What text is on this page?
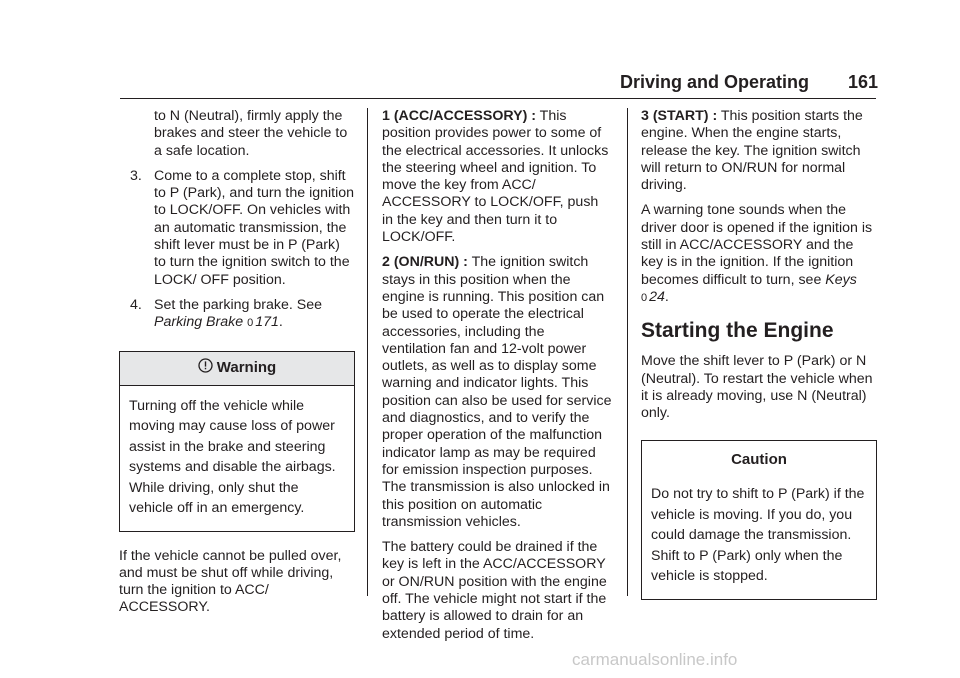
Driving and Operating 161

to N (Neutral), firmly apply the brakes and steer the vehicle to a safe location.

3. Come to a complete stop, shift to P (Park), and turn the ignition to LOCK/OFF. On vehicles with an automatic transmission, the shift lever must be in P (Park) to turn the ignition switch to the LOCK/ OFF position.
4. Set the parking brake. See
Parking Brake 0 171.
Warning
Turning off the vehicle while moving may cause loss of power assist in the brake and steering systems and disable the airbags. While driving, only shut the vehicle off in an emergency.

If the vehicle cannot be pulled over, and must be shut off while driving, turn the ignition to ACC/ ACCESSORY.

1 (ACC/ACCESSORY) : This position provides power to some of the electrical accessories. It unlocks the steering wheel and ignition. To move the key from ACC/ ACCESSORY to LOCK/OFF, push in the key and then turn it to LOCK/OFF.

2 (ON/RUN) : The ignition switch stays in this position when the engine is running. This position can be used to operate the electrical accessories, including the ventilation fan and 12-volt power outlets, as well as to display some warning and indicator lights. This position can also be used for service and diagnostics, and to verify the proper operation of the malfunction indicator lamp as may be required for emission inspection purposes. The transmission is also unlocked in this position on automatic transmission vehicles.

The battery could be drained if the key is left in the ACC/ACCESSORY or ON/RUN position with the engine off. The vehicle might not start if the battery is allowed to drain for an extended period of time.

3 (START) : This position starts the engine. When the engine starts, release the key. The ignition switch will return to ON/RUN for normal driving.

A warning tone sounds when the driver door is opened if the ignition is still in ACC/ACCESSORY and the key is in the ignition. If the ignition becomes difficult to turn, see Keys
0 24.

Starting the Engine

Move the shift lever to P (Park) or N (Neutral). To restart the vehicle when it is already moving, use N (Neutral) only.

Caution
Do not try to shift to P (Park) if the vehicle is moving. If you do, you could damage the transmission. Shift to P (Park) only when the vehicle is stopped.
carmanualsonline.info
